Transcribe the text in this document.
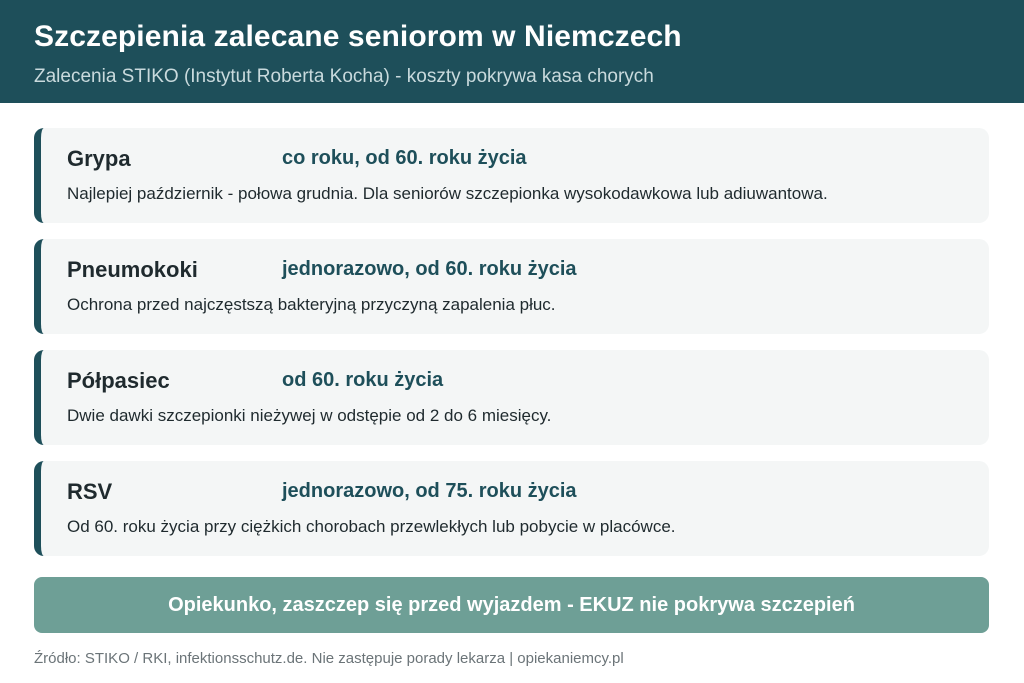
Szczepienia zalecane seniorom w Niemczech
Zalecenia STIKO (Instytut Roberta Kocha) - koszty pokrywa kasa chorych
Grypa	co roku, od 60. roku życia
Najlepiej październik - połowa grudnia. Dla seniorów szczepionka wysokodawkowa lub adiuwantowa.
Pneumokoki	jednorazowo, od 60. roku życia
Ochrona przed najczęstszą bakteryjną przyczyną zapalenia płuc.
Półpasiec	od 60. roku życia
Dwie dawki szczepionki nieżywej w odstępie od 2 do 6 miesięcy.
RSV	jednorazowo, od 75. roku życia
Od 60. roku życia przy ciężkich chorobach przewlekłych lub pobycie w placówce.
Opiekunko, zaszczep się przed wyjazdem - EKUZ nie pokrywa szczepień
Źródło: STIKO / RKI, infektionsschutz.de. Nie zastępuje porady lekarza | opiekaniemcy.pl
